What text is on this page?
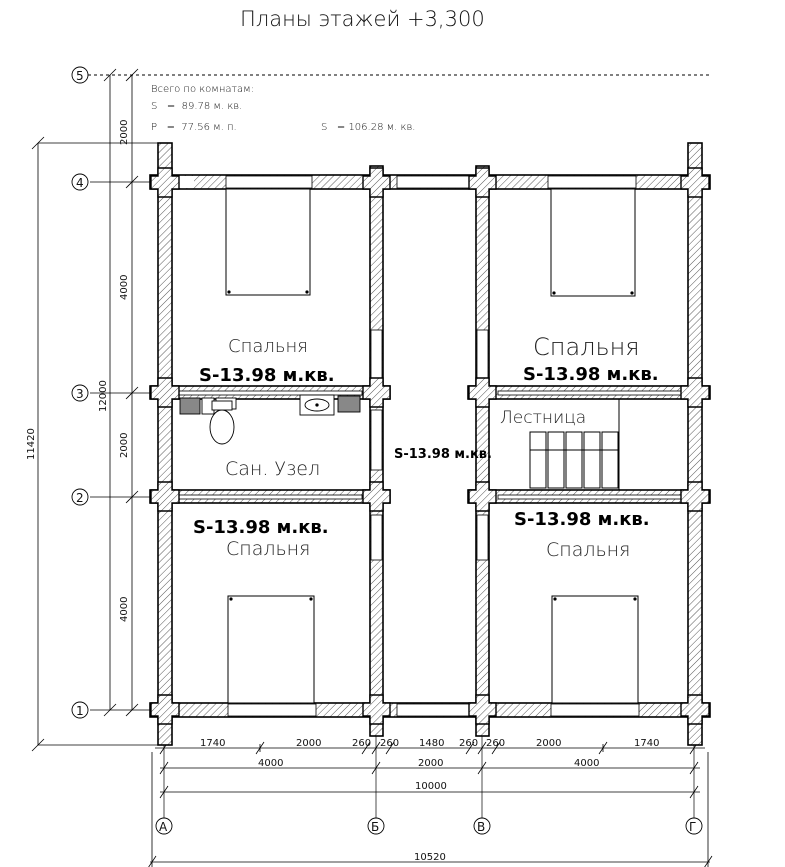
Планы этажей +3,300
Всего по комнатам:
S   =  89.78 м. кв.
P   =  77.56 м. п.	S   = 106.28 м. кв.
2000
4000
2000
4000
12000
11420
5
4
3
2
1
А	Б	В	Г
1740	2000	260 260 1480 260 260	2000	1740
4000	2000	4000
10000
10520
Спальня	Спальня
Сан. Узел
Лестница
Спальня	Спальня
S-13.98 м.кв.	S-13.98 м.кв.
S-13.98 м.кв.
S-13.98 м.кв.	S-13.98 м.кв.
